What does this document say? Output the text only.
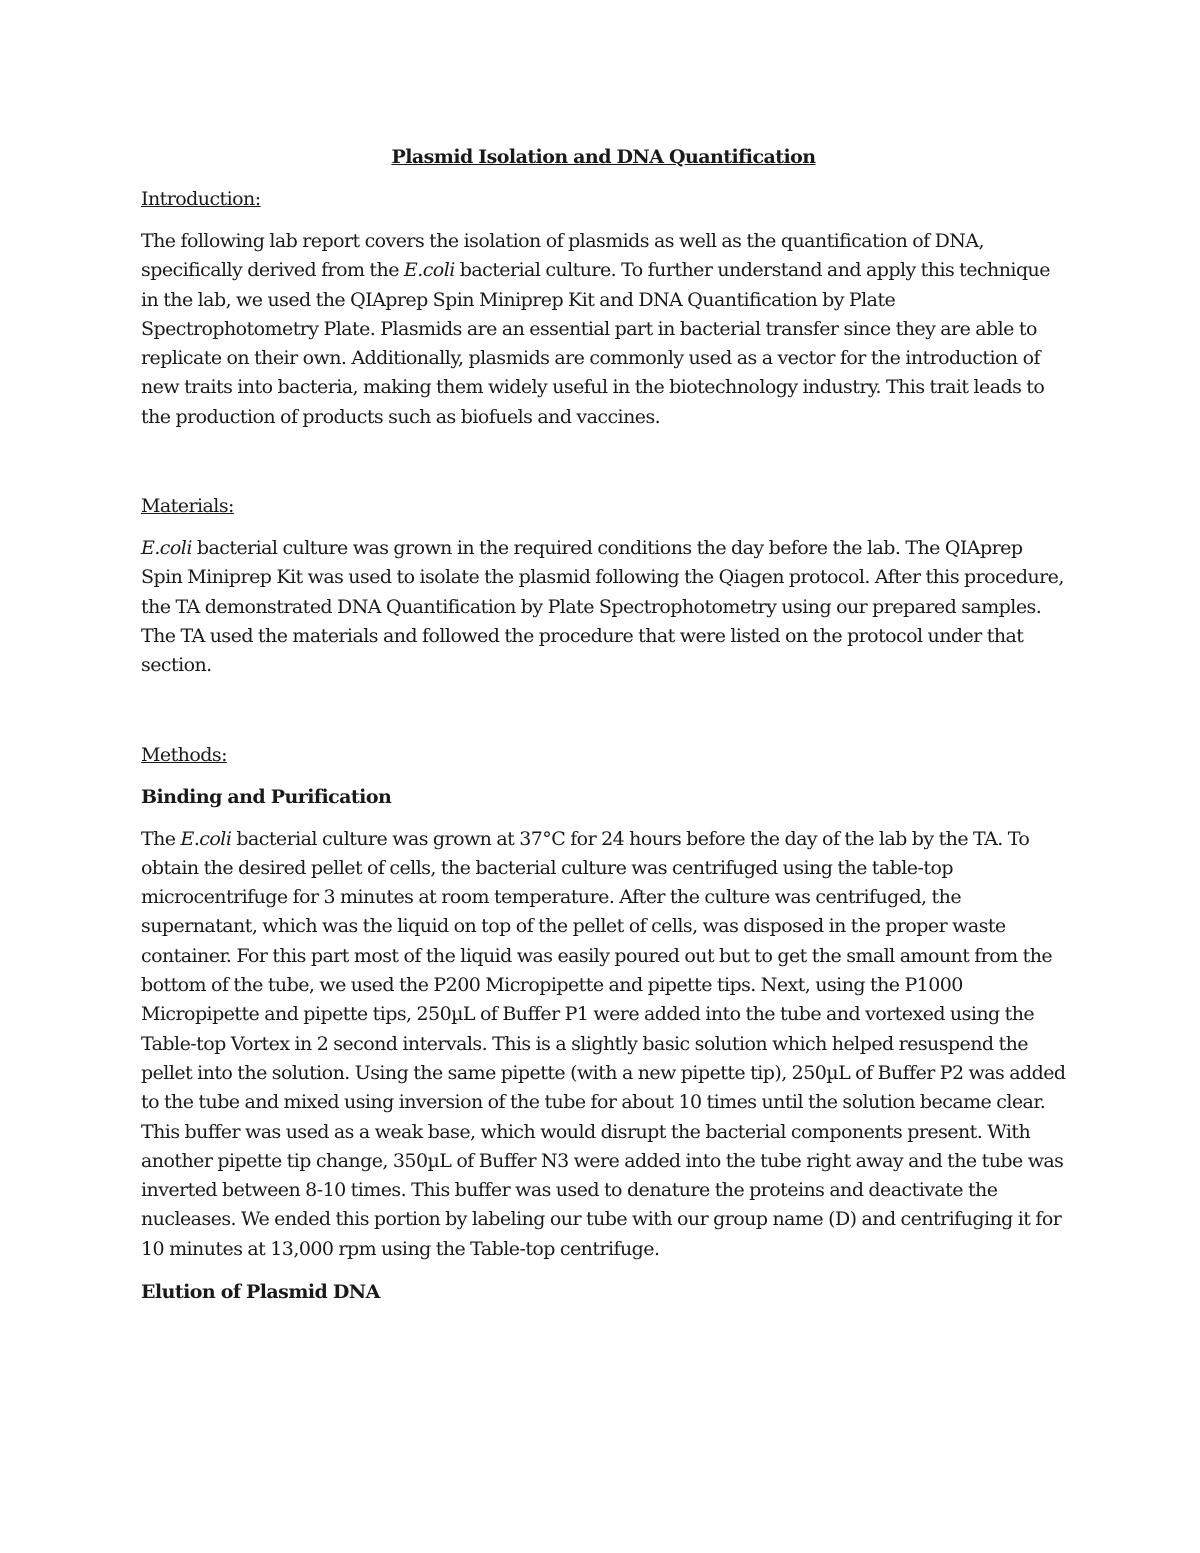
Plasmid Isolation and DNA Quantification

Introduction:

The following lab report covers the isolation of plasmids as well as the quantification of DNA, specifically derived from the E.coli bacterial culture. To further understand and apply this technique in the lab, we used the QIAprep Spin Miniprep Kit and DNA Quantification by Plate Spectrophotometry Plate. Plasmids are an essential part in bacterial transfer since they are able to replicate on their own. Additionally, plasmids are commonly used as a vector for the introduction of new traits into bacteria, making them widely useful in the biotechnology industry. This trait leads to the production of products such as biofuels and vaccines.

Materials:

E.coli bacterial culture was grown in the required conditions the day before the lab. The QIAprep Spin Miniprep Kit was used to isolate the plasmid following the Qiagen protocol. After this procedure, the TA demonstrated DNA Quantification by Plate Spectrophotometry using our prepared samples. The TA used the materials and followed the procedure that were listed on the protocol under that section.

Methods:

Binding and Purification

The E.coli bacterial culture was grown at 37°C for 24 hours before the day of the lab by the TA. To obtain the desired pellet of cells, the bacterial culture was centrifuged using the table-top microcentrifuge for 3 minutes at room temperature. After the culture was centrifuged, the supernatant, which was the liquid on top of the pellet of cells, was disposed in the proper waste container. For this part most of the liquid was easily poured out but to get the small amount from the bottom of the tube, we used the P200 Micropipette and pipette tips. Next, using the P1000 Micropipette and pipette tips, 250µL of Buffer P1 were added into the tube and vortexed using the Table-top Vortex in 2 second intervals. This is a slightly basic solution which helped resuspend the pellet into the solution. Using the same pipette (with a new pipette tip), 250µL of Buffer P2 was added to the tube and mixed using inversion of the tube for about 10 times until the solution became clear. This buffer was used as a weak base, which would disrupt the bacterial components present. With another pipette tip change, 350µL of Buffer N3 were added into the tube right away and the tube was inverted between 8-10 times. This buffer was used to denature the proteins and deactivate the nucleases. We ended this portion by labeling our tube with our group name (D) and centrifuging it for 10 minutes at 13,000 rpm using the Table-top centrifuge.

Elution of Plasmid DNA
